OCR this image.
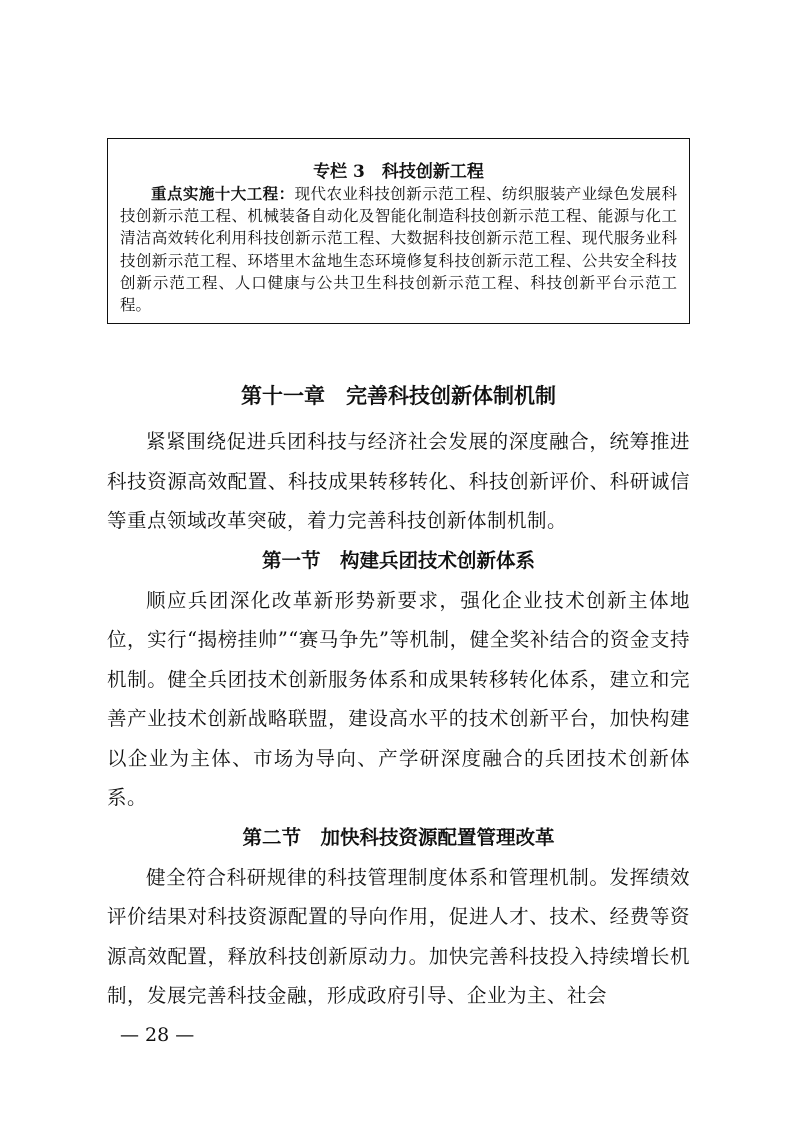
专栏 3　科技创新工程

重点实施十大工程：现代农业科技创新示范工程、纺织服装产业绿色发展科技创新示范工程、机械装备自动化及智能化制造科技创新示范工程、能源与化工清洁高效转化利用科技创新示范工程、大数据科技创新示范工程、现代服务业科技创新示范工程、环塔里木盆地生态环境修复科技创新示范工程、公共安全科技创新示范工程、人口健康与公共卫生科技创新示范工程、科技创新平台示范工程。

第十一章　完善科技创新体制机制

紧紧围绕促进兵团科技与经济社会发展的深度融合，统筹推进科技资源高效配置、科技成果转移转化、科技创新评价、科研诚信等重点领域改革突破，着力完善科技创新体制机制。

第一节　构建兵团技术创新体系

顺应兵团深化改革新形势新要求，强化企业技术创新主体地位，实行“揭榜挂帅”“赛马争先”等机制，健全奖补结合的资金支持机制。健全兵团技术创新服务体系和成果转移转化体系，建立和完善产业技术创新战略联盟，建设高水平的技术创新平台，加快构建以企业为主体、市场为导向、产学研深度融合的兵团技术创新体系。

第二节　加快科技资源配置管理改革

健全符合科研规律的科技管理制度体系和管理机制。发挥绩效评价结果对科技资源配置的导向作用，促进人才、技术、经费等资源高效配置，释放科技创新原动力。加快完善科技投入持续增长机制，发展完善科技金融，形成政府引导、企业为主、社会

— 28 —
